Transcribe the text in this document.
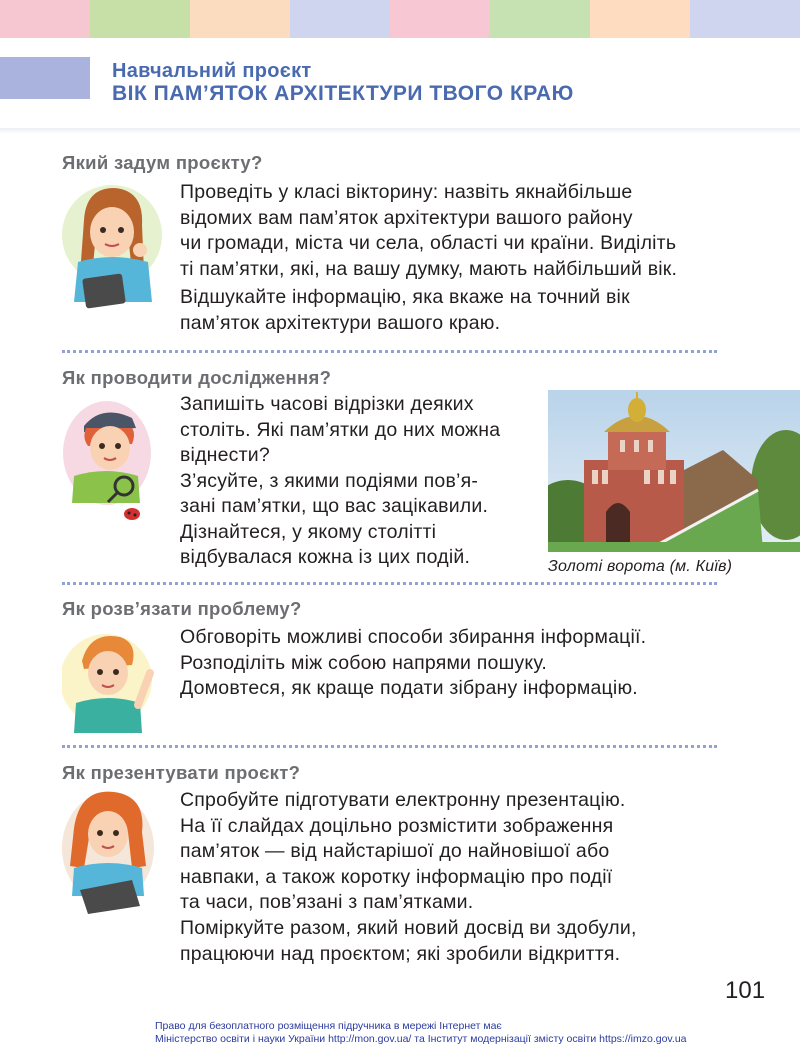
Навчальний проєкт
ВІК ПАМ’ЯТОК АРХІТЕКТУРИ ТВОГО КРАЮ
Який задум проєкту?
Проведіть у класі вікторину: назвіть якнайбільше
відомих вам пам’яток архітектури вашого району
чи громади, міста чи села, області чи країни. Виділіть
ті пам’ятки, які, на вашу думку, мають найбільший вік.
Відшукайте інформацію, яка вкаже на точний вік
пам’яток архітектури вашого краю.
Як проводити дослідження?
Запишіть часові відрізки деяких
століть. Які пам’ятки до них можна
віднести?
З’ясуйте, з якими подіями пов’я-
зані пам’ятки, що вас зацікавили.
Дізнайтеся, у якому столітті
відбувалася кожна із цих подій.	Золоті ворота (м. Київ)
Як розв’язати проблему?
Обговоріть можливі способи збирання інформації.
Розподіліть між собою напрями пошуку.
Домовтеся, як краще подати зібрану інформацію.
Як презентувати проєкт?
Спробуйте підготувати електронну презентацію.
На її слайдах доцільно розмістити зображення
пам’яток — від найстарішої до найновішої або
навпаки, а також коротку інформацію про події
та часи, пов’язані з пам’ятками.
Поміркуйте разом, який новий досвід ви здобули,
працюючи над проєктом; які зробили відкриття.
101
Право для безоплатного розміщення підручника в мережі Інтернет має
Міністерство освіти і науки України http://mon.gov.ua/ та Інститут модернізації змісту освіти https://imzo.gov.ua
